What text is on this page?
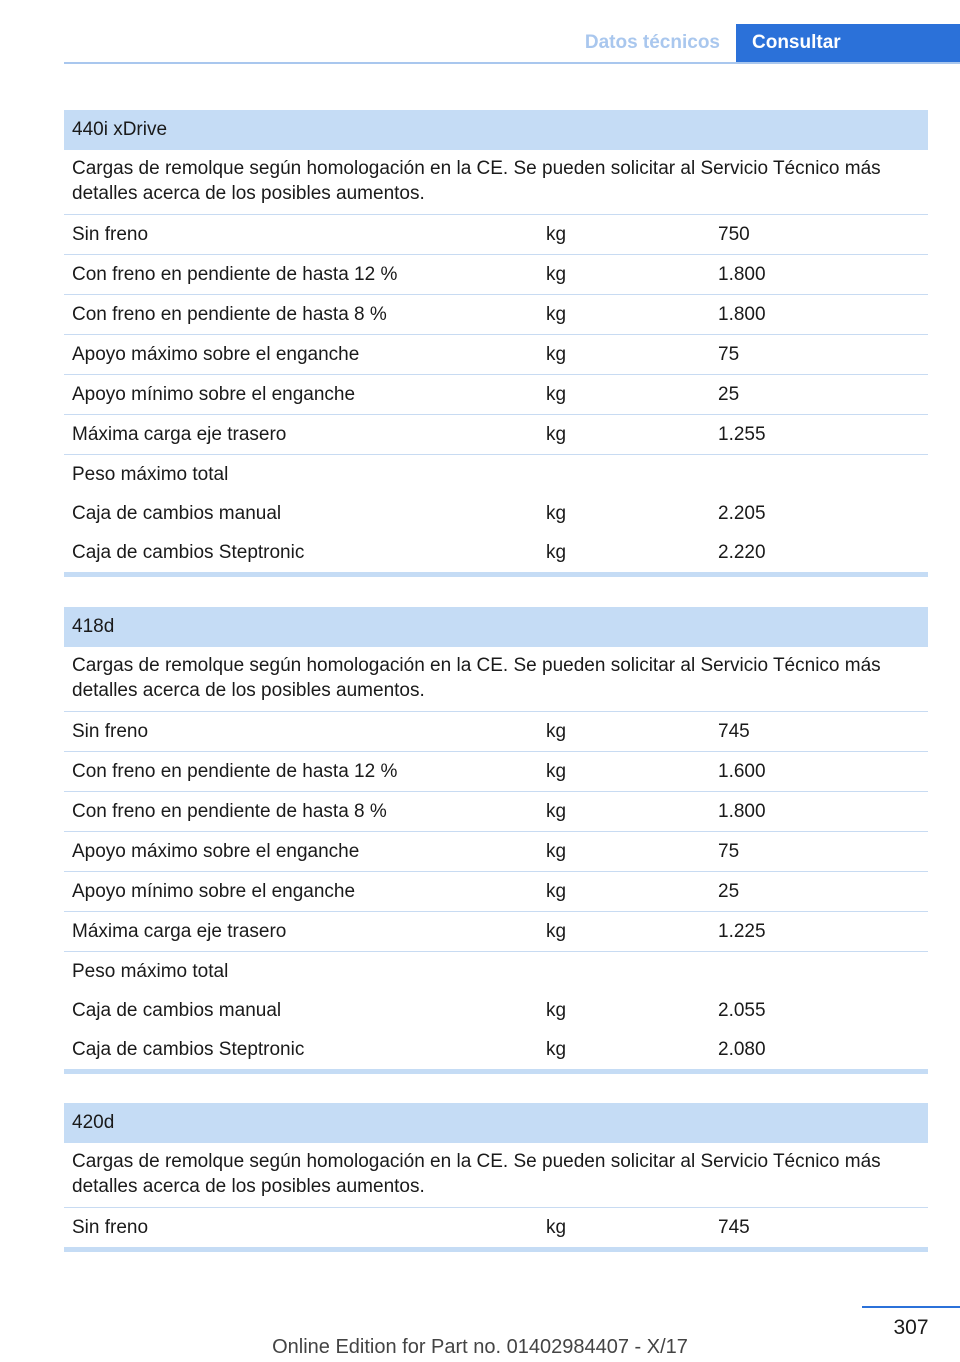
Datos técnicos	Consultar
440i xDrive
Cargas de remolque según homologación en la CE. Se pueden solicitar al Servicio Técnico más detalles acerca de los posibles aumentos.
Sin freno	kg	750
Con freno en pendiente de hasta 12 %	kg	1.800
Con freno en pendiente de hasta 8 %	kg	1.800
Apoyo máximo sobre el enganche	kg	75
Apoyo mínimo sobre el enganche	kg	25
Máxima carga eje trasero	kg	1.255
Peso máximo total
Caja de cambios manual	kg	2.205
Caja de cambios Steptronic	kg	2.220
418d
Cargas de remolque según homologación en la CE. Se pueden solicitar al Servicio Técnico más detalles acerca de los posibles aumentos.
Sin freno	kg	745
Con freno en pendiente de hasta 12 %	kg	1.600
Con freno en pendiente de hasta 8 %	kg	1.800
Apoyo máximo sobre el enganche	kg	75
Apoyo mínimo sobre el enganche	kg	25
Máxima carga eje trasero	kg	1.225
Peso máximo total
Caja de cambios manual	kg	2.055
Caja de cambios Steptronic	kg	2.080
420d
Cargas de remolque según homologación en la CE. Se pueden solicitar al Servicio Técnico más detalles acerca de los posibles aumentos.
Sin freno	kg	745
307
Online Edition for Part no. 01402984407 - X/17
